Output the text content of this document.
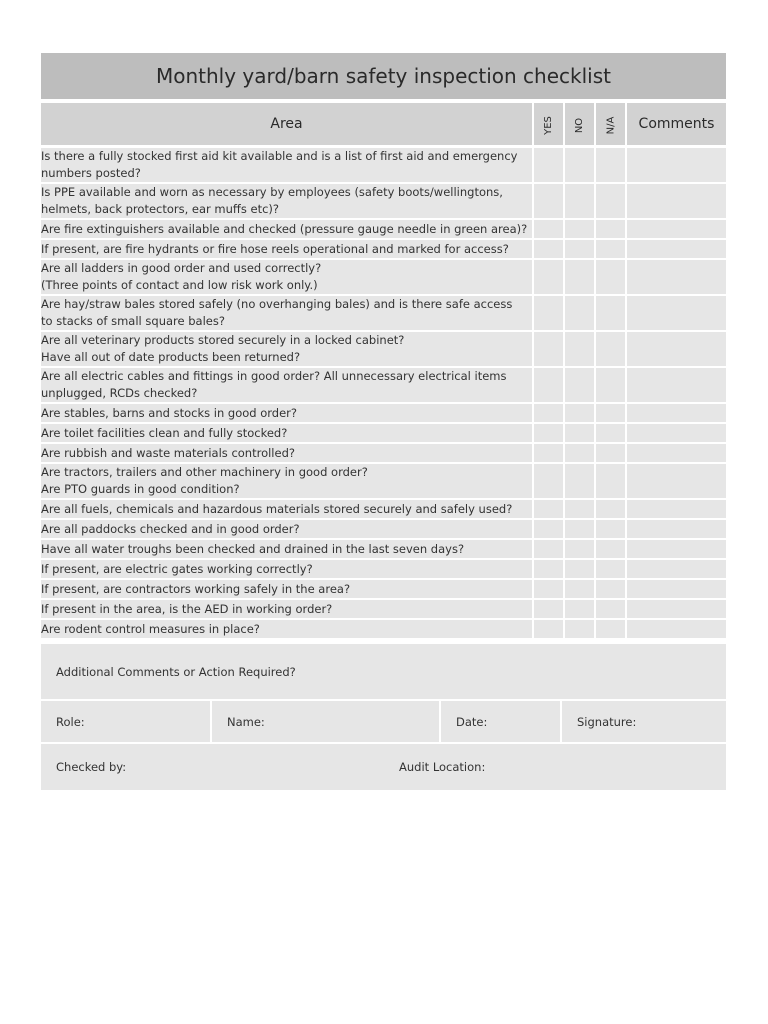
Monthly yard/barn safety inspection checklist
Area	YES	NO	N/A	Comments

Is there a fully stocked first aid kit available and is a list of first aid and emergency
numbers posted?				

Is PPE available and worn as necessary by employees (safety boots/wellingtons,
helmets, back protectors, ear muffs etc)?				

Are fire extinguishers available and checked (pressure gauge needle in green area)?				

If present, are fire hydrants or fire hose reels operational and marked for access?				

Are all ladders in good order and used correctly?
(Three points of contact and low risk work only.)				

Are hay/straw bales stored safely (no overhanging bales) and is there safe access
to stacks of small square bales?				

Are all veterinary products stored securely in a locked cabinet?
Have all out of date products been returned?				

Are all electric cables and fittings in good order? All unnecessary electrical items
unplugged, RCDs checked?				

Are stables, barns and stocks in good order?				

Are toilet facilities clean and fully stocked?				

Are rubbish and waste materials controlled?				

Are tractors, trailers and other machinery in good order?
Are PTO guards in good condition?				

Are all fuels, chemicals and hazardous materials stored securely and safely used?				

Are all paddocks checked and in good order?				

Have all water troughs been checked and drained in the last seven days?				

If present, are electric gates working correctly?				

If present, are contractors working safely in the area?				

If present in the area, is the AED in working order?				

Are rodent control measures in place?				

Additional Comments or Action Required?
Role:	Name:	Date:	Signature:
Checked by:	Audit Location:
